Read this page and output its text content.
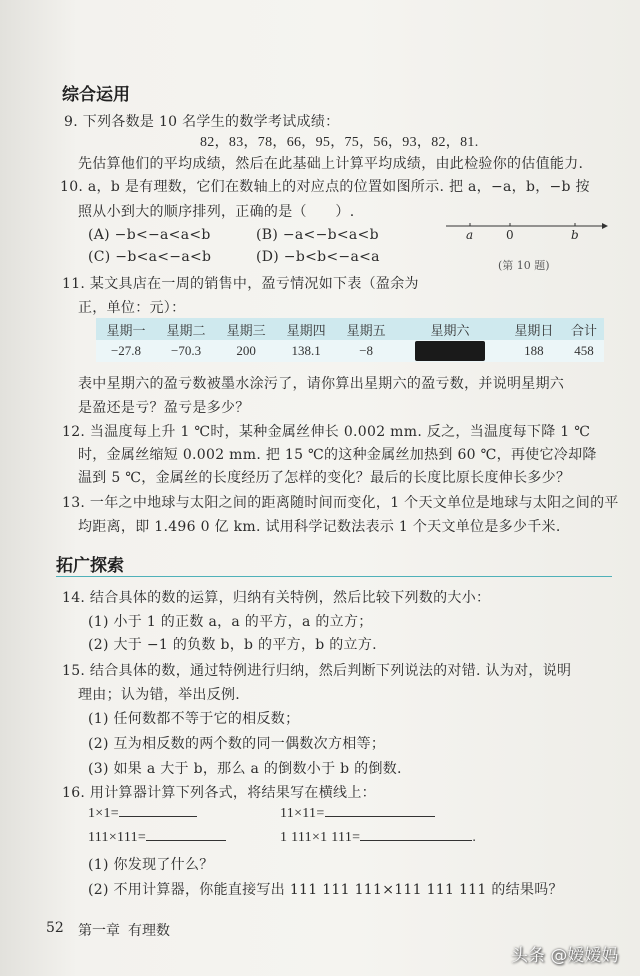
综合运用
9. 下列各数是 10 名学生的数学考试成绩：
82，83，78，66，95，75，56，93，82，81.
先估算他们的平均成绩，然后在此基础上计算平均成绩，由此检验你的估值能力.
10. a，b 是有理数，它们在数轴上的对应点的位置如图所示. 把 a，−a，b，−b 按
照从小到大的顺序排列，正确的是（　　）.
(A) −b<−a<a<b	(B) −a<−b<a<b
(C) −b<a<−a<b	(D) −b<b<−a<a
a	0	b
(第 10 题)
11. 某文具店在一周的销售中，盈亏情况如下表（盈余为
正，单位：元）：
星期一	星期二	星期三	星期四	星期五	星期六	星期日	合计
−27.8	−70.3	200	138.1	−8		188	458
表中星期六的盈亏数被墨水涂污了，请你算出星期六的盈亏数，并说明星期六
是盈还是亏？盈亏是多少？
12. 当温度每上升 1 ℃时，某种金属丝伸长 0.002 mm. 反之，当温度每下降 1 ℃
时，金属丝缩短 0.002 mm. 把 15 ℃的这种金属丝加热到 60 ℃，再使它冷却降
温到 5 ℃，金属丝的长度经历了怎样的变化？最后的长度比原长度伸长多少？
13. 一年之中地球与太阳之间的距离随时间而变化，1 个天文单位是地球与太阳之间的平
均距离，即 1.496 0 亿 km. 试用科学记数法表示 1 个天文单位是多少千米.
拓广探索
14. 结合具体的数的运算，归纳有关特例，然后比较下列数的大小：
(1) 小于 1 的正数 a，a 的平方，a 的立方；
(2) 大于 −1 的负数 b，b 的平方，b 的立方.
15. 结合具体的数，通过特例进行归纳，然后判断下列说法的对错. 认为对，说明
理由；认为错，举出反例.
(1) 任何数都不等于它的相反数；
(2) 互为相反数的两个数的同一偶数次方相等；
(3) 如果 a 大于 b，那么 a 的倒数小于 b 的倒数.
16. 用计算器计算下列各式，将结果写在横线上：
1×1=	11×11=
111×111=	1 111×1 111=	.
(1) 你发现了什么？
(2) 不用计算器，你能直接写出 111 111 111×111 111 111 的结果吗？
52 第一章 有理数
头条 @嫒嫒妈
